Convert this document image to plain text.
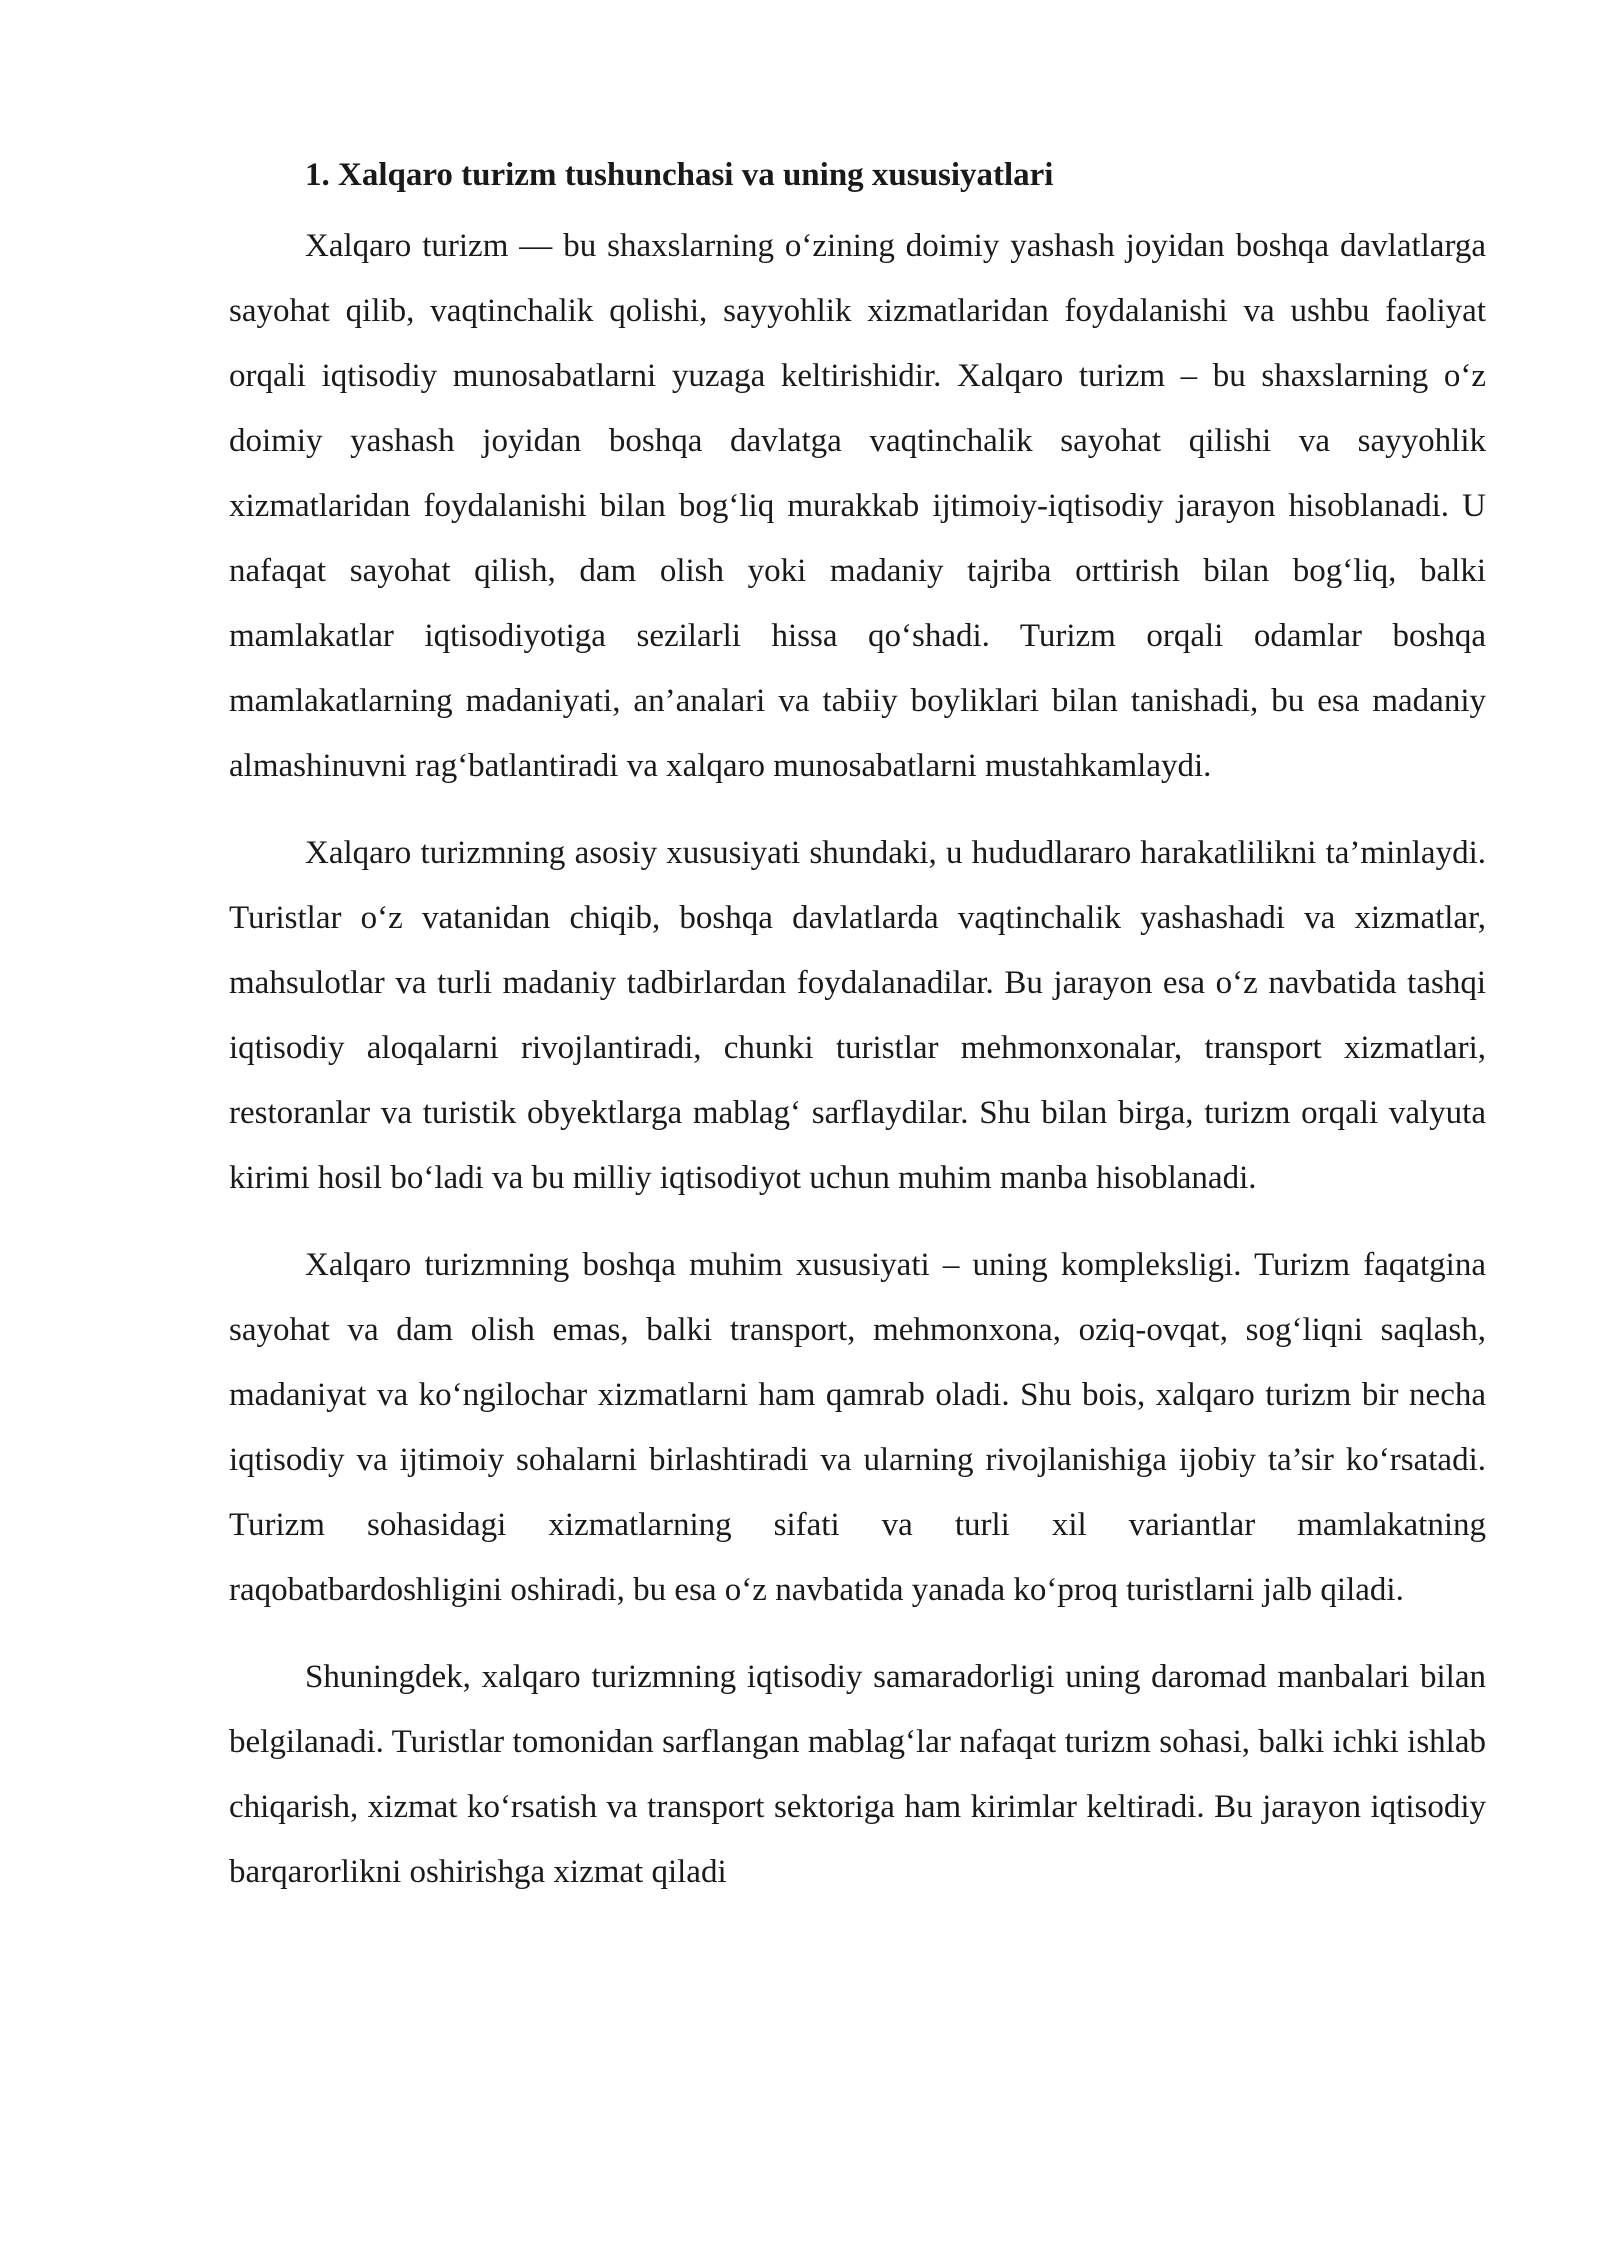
1. Xalqaro turizm tushunchasi va uning xususiyatlari

Xalqaro turizm — bu shaxslarning o‘zining doimiy yashash joyidan boshqa davlatlarga sayohat qilib, vaqtinchalik qolishi, sayyohlik xizmatlaridan foydalanishi va ushbu faoliyat orqali iqtisodiy munosabatlarni yuzaga keltirishidir. Xalqaro turizm – bu shaxslarning o‘z doimiy yashash joyidan boshqa davlatga vaqtinchalik sayohat qilishi va sayyohlik xizmatlaridan foydalanishi bilan bog‘liq murakkab ijtimoiy-iqtisodiy jarayon hisoblanadi. U nafaqat sayohat qilish, dam olish yoki madaniy tajriba orttirish bilan bog‘liq, balki mamlakatlar iqtisodiyotiga sezilarli hissa qo‘shadi. Turizm orqali odamlar boshqa mamlakatlarning madaniyati, an’analari va tabiiy boyliklari bilan tanishadi, bu esa madaniy almashinuvni rag‘batlantiradi va xalqaro munosabatlarni mustahkamlaydi.

Xalqaro turizmning asosiy xususiyati shundaki, u hududlararo harakatlilikni ta’minlaydi. Turistlar o‘z vatanidan chiqib, boshqa davlatlarda vaqtinchalik yashashadi va xizmatlar, mahsulotlar va turli madaniy tadbirlardan foydalanadilar. Bu jarayon esa o‘z navbatida tashqi iqtisodiy aloqalarni rivojlantiradi, chunki turistlar mehmonxonalar, transport xizmatlari, restoranlar va turistik obyektlarga mablag‘ sarflaydilar. Shu bilan birga, turizm orqali valyuta kirimi hosil bo‘ladi va bu milliy iqtisodiyot uchun muhim manba hisoblanadi.

Xalqaro turizmning boshqa muhim xususiyati – uning kompleksligi. Turizm faqatgina sayohat va dam olish emas, balki transport, mehmonxona, oziq-ovqat, sog‘liqni saqlash, madaniyat va ko‘ngilochar xizmatlarni ham qamrab oladi. Shu bois, xalqaro turizm bir necha iqtisodiy va ijtimoiy sohalarni birlashtiradi va ularning rivojlanishiga ijobiy ta’sir ko‘rsatadi. Turizm sohasidagi xizmatlarning sifati va turli xil variantlar mamlakatning raqobatbardoshligini oshiradi, bu esa o‘z navbatida yanada ko‘proq turistlarni jalb qiladi.

Shuningdek, xalqaro turizmning iqtisodiy samaradorligi uning daromad manbalari bilan belgilanadi. Turistlar tomonidan sarflangan mablag‘lar nafaqat turizm sohasi, balki ichki ishlab chiqarish, xizmat ko‘rsatish va transport sektoriga ham kirimlar keltiradi. Bu jarayon iqtisodiy barqarorlikni oshirishga xizmat qiladi
